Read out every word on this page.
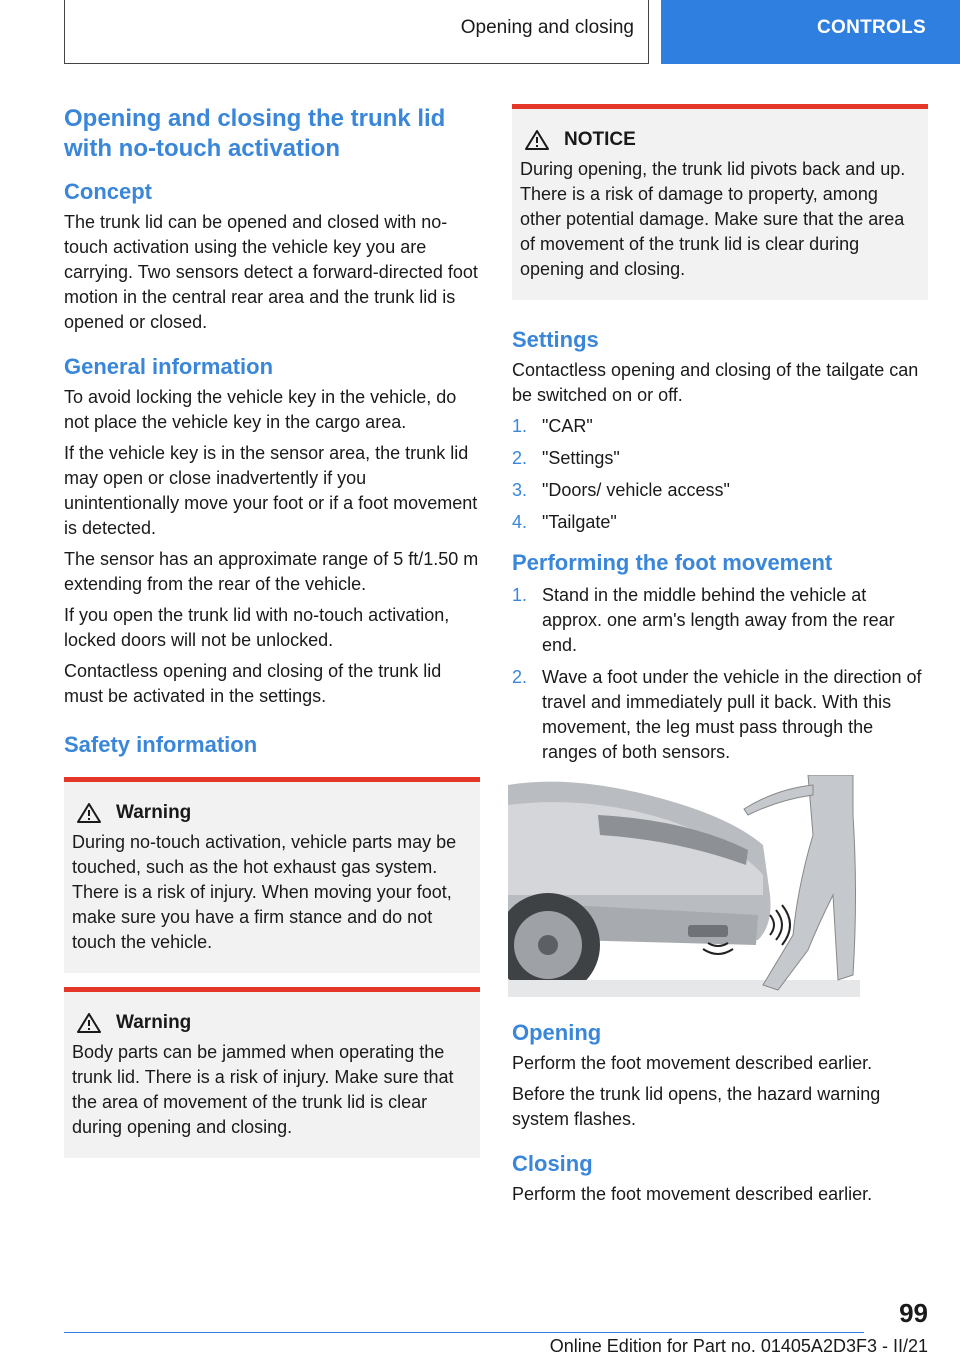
Opening and closing	CONTROLS
Opening and closing the trunk lid with no-touch activation
Concept

The trunk lid can be opened and closed with no-touch activation using the vehicle key you are carrying. Two sensors detect a forward-directed foot motion in the central rear area and the trunk lid is opened or closed.

General information

To avoid locking the vehicle key in the vehicle, do not place the vehicle key in the cargo area.

If the vehicle key is in the sensor area, the trunk lid may open or close inadvertently if you unintentionally move your foot or if a foot movement is detected.

The sensor has an approximate range of 5 ft/1.50 m extending from the rear of the vehicle.

If you open the trunk lid with no-touch activation, locked doors will not be unlocked.

Contactless opening and closing of the trunk lid must be activated in the settings.

Safety information
Warning

During no-touch activation, vehicle parts may be touched, such as the hot exhaust gas system. There is a risk of injury. When moving your foot, make sure you have a firm stance and do not touch the vehicle.

Warning

Body parts can be jammed when operating the trunk lid. There is a risk of injury. Make sure that the area of movement of the trunk lid is clear during opening and closing.

NOTICE

During opening, the trunk lid pivots back and up. There is a risk of damage to property, among other potential damage. Make sure that the area of movement of the trunk lid is clear during opening and closing.

Settings

Contactless opening and closing of the tailgate can be switched on or off.

1. "CAR"
2. "Settings"
3. "Doors/ vehicle access"
4. "Tailgate"
Performing the foot movement
1. Stand in the middle behind the vehicle at approx. one arm's length away from the rear end.
2. Wave a foot under the vehicle in the direction of travel and immediately pull it back. With this movement, the leg must pass through the ranges of both sensors.
Opening

Perform the foot movement described earlier.

Before the trunk lid opens, the hazard warning system flashes.

Closing

Perform the foot movement described earlier.

99
Online Edition for Part no. 01405A2D3F3 - II/21
